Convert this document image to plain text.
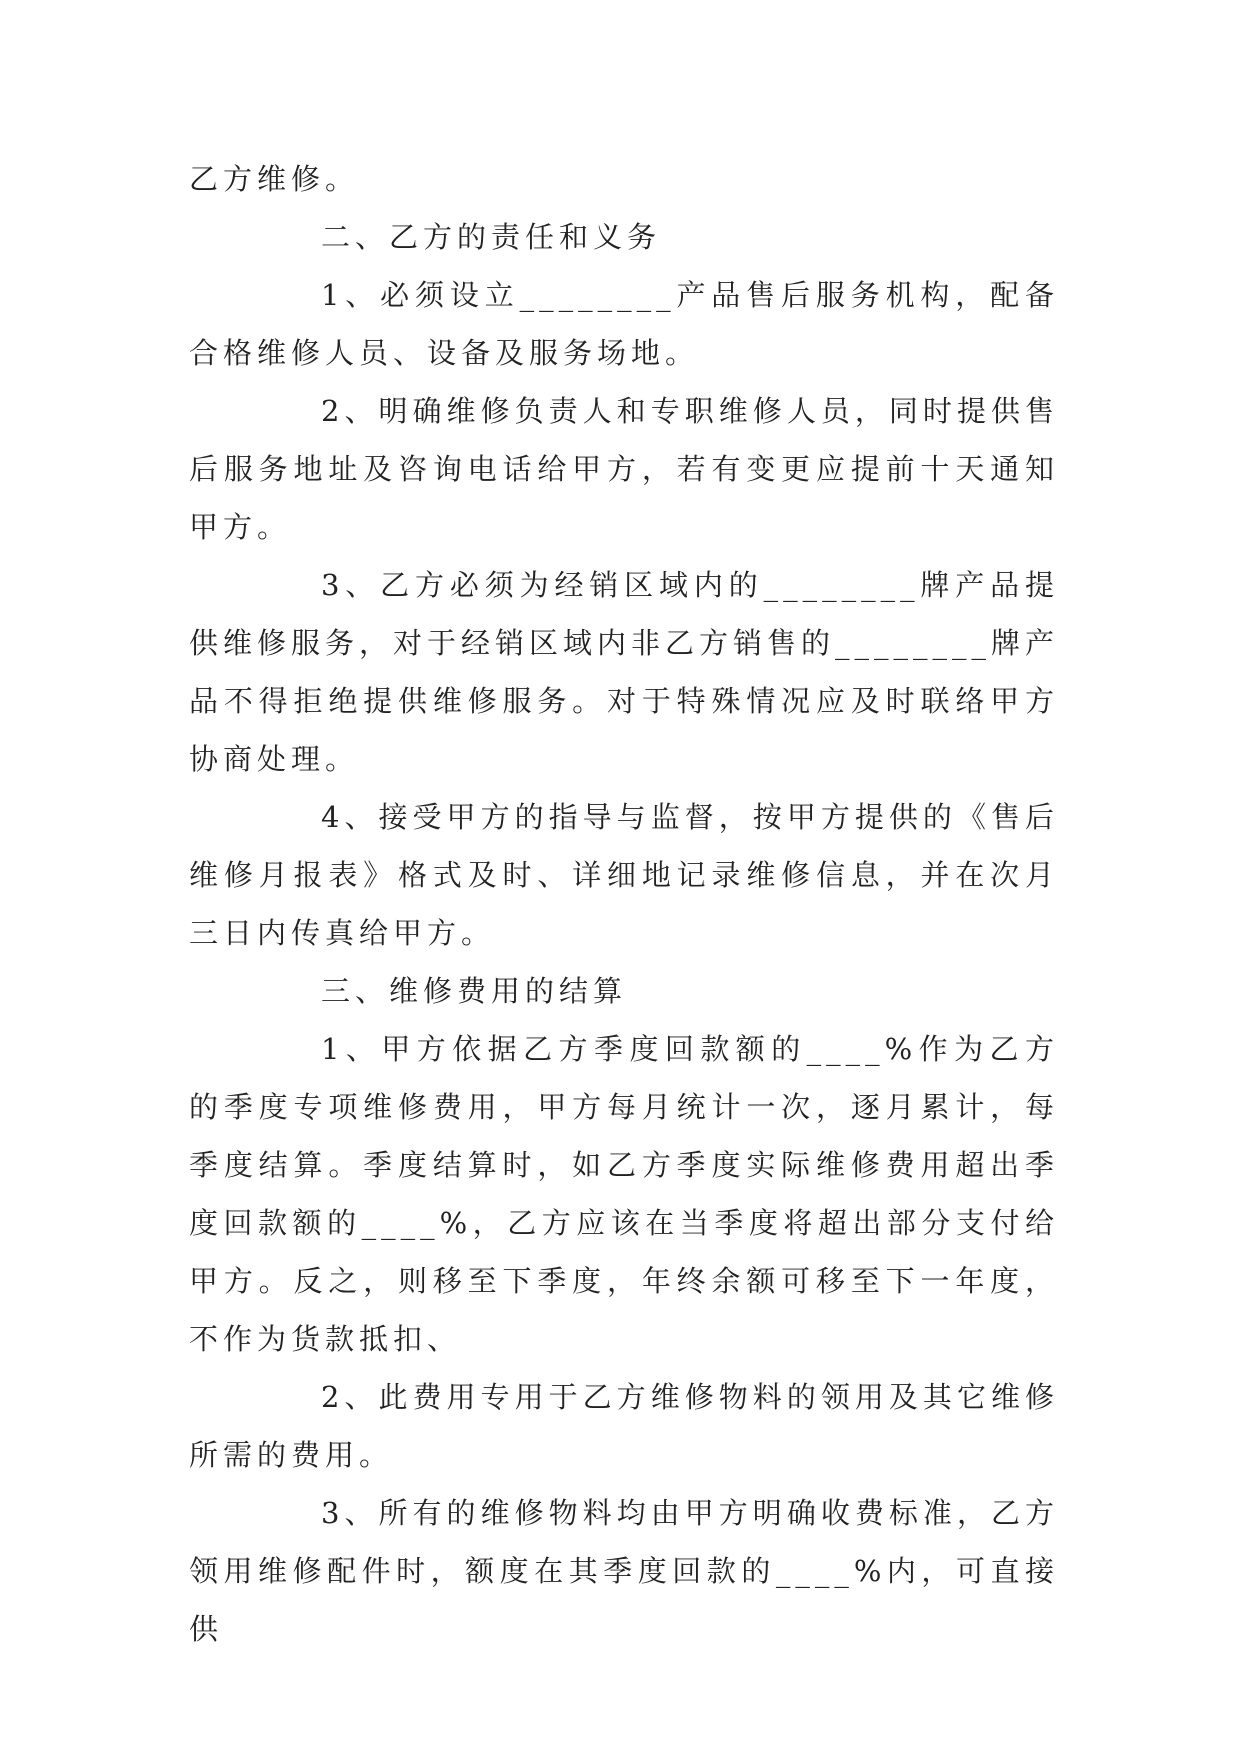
乙方维修。

二、乙方的责任和义务

1、必须设立________产品售后服务机构，配备合格维修人员、设备及服务场地。

2、明确维修负责人和专职维修人员，同时提供售后服务地址及咨询电话给甲方，若有变更应提前十天通知甲方。

3、乙方必须为经销区域内的________牌产品提供维修服务，对于经销区域内非乙方销售的________牌产品不得拒绝提供维修服务。对于特殊情况应及时联络甲方协商处理。

4、接受甲方的指导与监督，按甲方提供的《售后维修月报表》格式及时、详细地记录维修信息，并在次月三日内传真给甲方。

三、维修费用的结算

1、甲方依据乙方季度回款额的____%作为乙方的季度专项维修费用，甲方每月统计一次，逐月累计，每季度结算。季度结算时，如乙方季度实际维修费用超出季度回款额的____%，乙方应该在当季度将超出部分支付给甲方。反之，则移至下季度，年终余额可移至下一年度，不作为货款抵扣、

2、此费用专用于乙方维修物料的领用及其它维修所需的费用。

3、所有的维修物料均由甲方明确收费标准，乙方领用维修配件时，额度在其季度回款的____%内，可直接供
